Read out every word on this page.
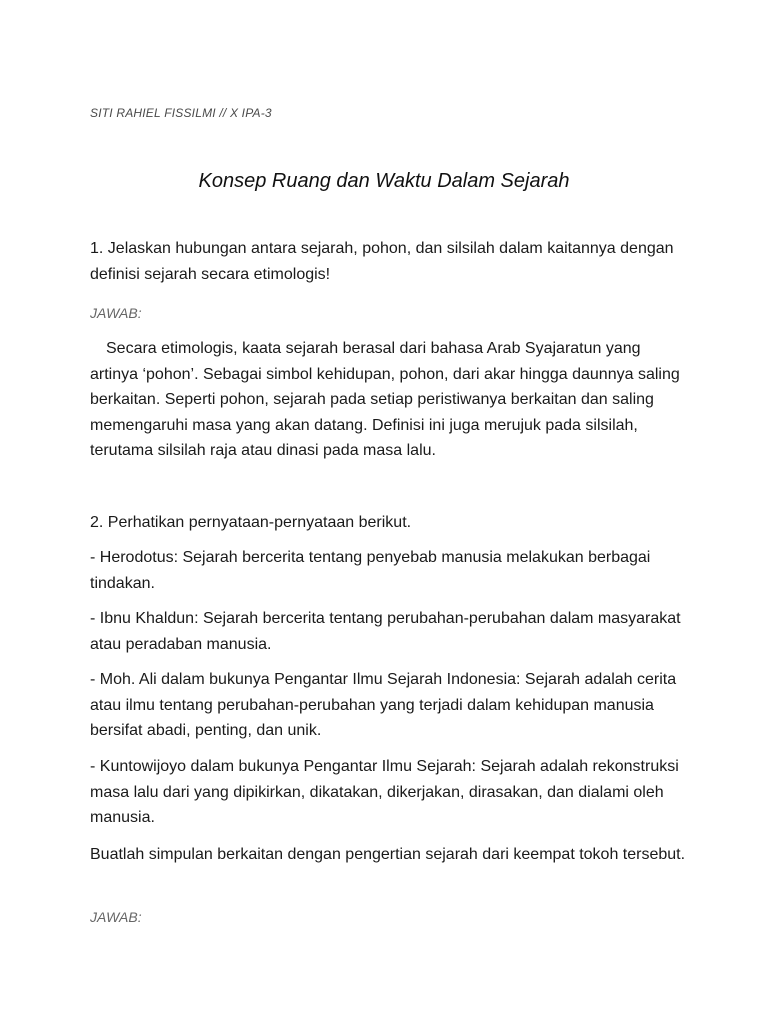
SITI RAHIEL FISSILMI // X IPA-3
Konsep Ruang dan Waktu Dalam Sejarah

1. Jelaskan hubungan antara sejarah, pohon, dan silsilah dalam kaitannya dengan definisi sejarah secara etimologis!

JAWAB:

Secara etimologis, kaata sejarah berasal dari bahasa Arab Syajaratun yang artinya ‘pohon’. Sebagai simbol kehidupan, pohon, dari akar hingga daunnya saling berkaitan. Seperti pohon, sejarah pada setiap peristiwanya berkaitan dan saling memengaruhi masa yang akan datang. Definisi ini juga merujuk pada silsilah, terutama silsilah raja atau dinasi pada masa lalu.

2. Perhatikan pernyataan-pernyataan berikut.

- Herodotus: Sejarah bercerita tentang penyebab manusia melakukan berbagai tindakan.

- Ibnu Khaldun: Sejarah bercerita tentang perubahan-perubahan dalam masyarakat atau peradaban manusia.

- Moh. Ali dalam bukunya Pengantar Ilmu Sejarah Indonesia: Sejarah adalah cerita atau ilmu tentang perubahan-perubahan yang terjadi dalam kehidupan manusia bersifat abadi, penting, dan unik.

- Kuntowijoyo dalam bukunya Pengantar Ilmu Sejarah: Sejarah adalah rekonstruksi masa lalu dari yang dipikirkan, dikatakan, dikerjakan, dirasakan, dan dialami oleh manusia.

Buatlah simpulan berkaitan dengan pengertian sejarah dari keempat tokoh tersebut.

JAWAB:
